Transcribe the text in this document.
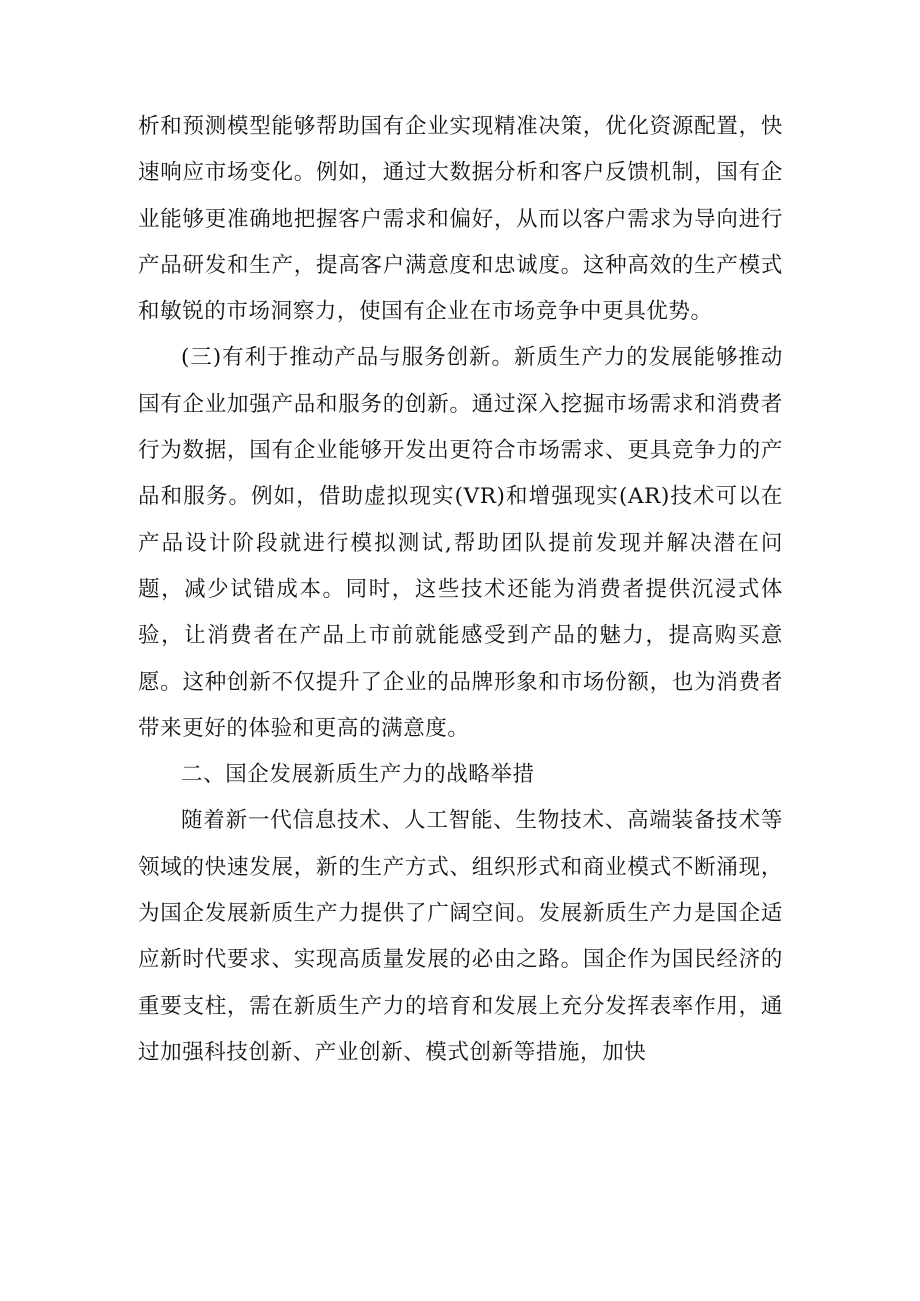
析和预测模型能够帮助国有企业实现精准决策，优化资源配置，快速响应市场变化。例如，通过大数据分析和客户反馈机制，国有企业能够更准确地把握客户需求和偏好，从而以客户需求为导向进行产品研发和生产，提高客户满意度和忠诚度。这种高效的生产模式和敏锐的市场洞察力，使国有企业在市场竞争中更具优势。

(三)有利于推动产品与服务创新。新质生产力的发展能够推动国有企业加强产品和服务的创新。通过深入挖掘市场需求和消费者行为数据，国有企业能够开发出更符合市场需求、更具竞争力的产品和服务。例如，借助虚拟现实(VR)和增强现实(AR)技术可以在产品设计阶段就进行模拟测试,帮助团队提前发现并解决潜在问题，减少试错成本。同时，这些技术还能为消费者提供沉浸式体验，让消费者在产品上市前就能感受到产品的魅力，提高购买意愿。这种创新不仅提升了企业的品牌形象和市场份额，也为消费者带来更好的体验和更高的满意度。

二、国企发展新质生产力的战略举措

随着新一代信息技术、人工智能、生物技术、高端装备技术等领域的快速发展，新的生产方式、组织形式和商业模式不断涌现，为国企发展新质生产力提供了广阔空间。发展新质生产力是国企适应新时代要求、实现高质量发展的必由之路。国企作为国民经济的重要支柱，需在新质生产力的培育和发展上充分发挥表率作用，通过加强科技创新、产业创新、模式创新等措施，加快
